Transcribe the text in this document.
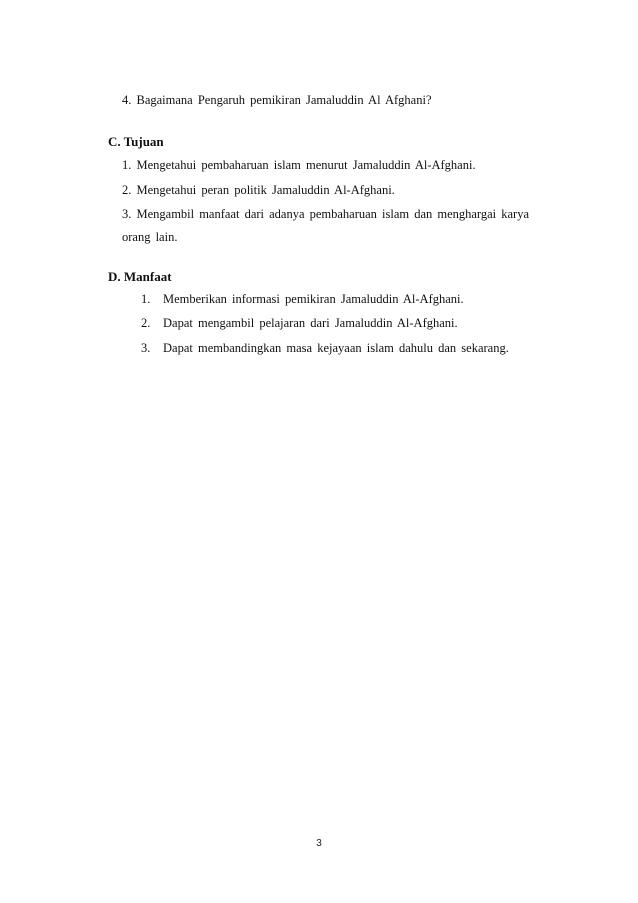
4. Bagaimana Pengaruh pemikiran Jamaluddin Al Afghani?
C. Tujuan
1. Mengetahui pembaharuan islam menurut Jamaluddin Al-Afghani.
2. Mengetahui peran politik Jamaluddin Al-Afghani.
3. Mengambil manfaat dari adanya pembaharuan islam dan menghargai karya
orang lain.
D. Manfaat
1. Memberikan informasi pemikiran Jamaluddin Al-Afghani.
2. Dapat mengambil pelajaran dari Jamaluddin Al-Afghani.
3. Dapat membandingkan masa kejayaan islam dahulu dan sekarang.
3
